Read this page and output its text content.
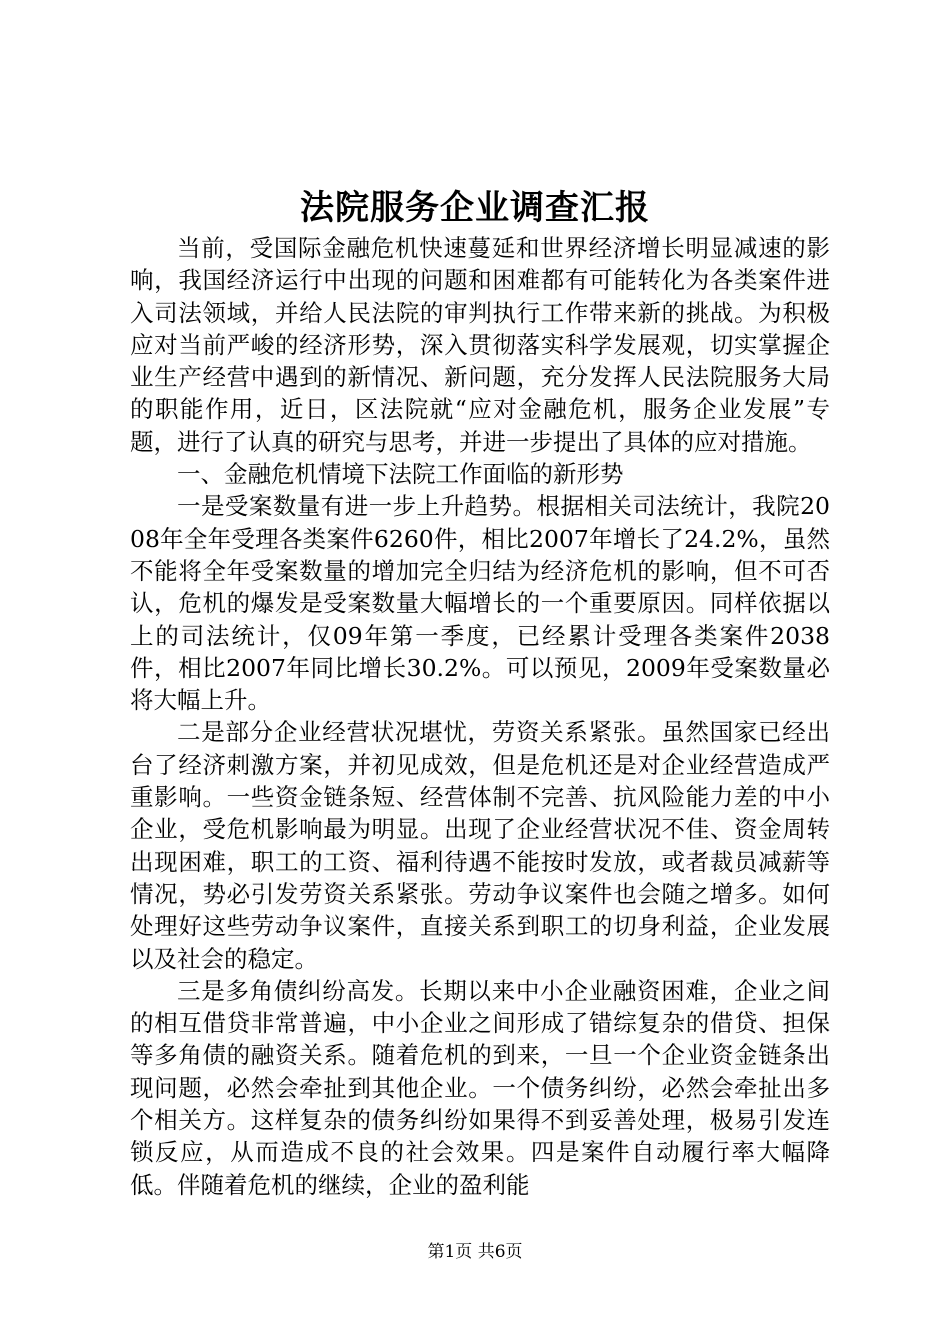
法院服务企业调查汇报

当前，受国际金融危机快速蔓延和世界经济增长明显减速的影响，我国经济运行中出现的问题和困难都有可能转化为各类案件进入司法领域，并给人民法院的审判执行工作带来新的挑战。为积极应对当前严峻的经济形势，深入贯彻落实科学发展观，切实掌握企业生产经营中遇到的新情况、新问题，充分发挥人民法院服务大局的职能作用，近日，区法院就“应对金融危机，服务企业发展”专题，进行了认真的研究与思考，并进一步提出了具体的应对措施。

一、金融危机情境下法院工作面临的新形势

一是受案数量有进一步上升趋势。根据相关司法统计，我院2008年全年受理各类案件6260件，相比2007年增长了24.2%，虽然不能将全年受案数量的增加完全归结为经济危机的影响，但不可否认，危机的爆发是受案数量大幅增长的一个重要原因。同样依据以上的司法统计，仅09年第一季度，已经累计受理各类案件2038件，相比2007年同比增长30.2%。可以预见，2009年受案数量必将大幅上升。

二是部分企业经营状况堪忧，劳资关系紧张。虽然国家已经出台了经济刺激方案，并初见成效，但是危机还是对企业经营造成严重影响。一些资金链条短、经营体制不完善、抗风险能力差的中小企业，受危机影响最为明显。出现了企业经营状况不佳、资金周转出现困难，职工的工资、福利待遇不能按时发放，或者裁员减薪等情况，势必引发劳资关系紧张。劳动争议案件也会随之增多。如何处理好这些劳动争议案件，直接关系到职工的切身利益，企业发展以及社会的稳定。

三是多角债纠纷高发。长期以来中小企业融资困难，企业之间的相互借贷非常普遍，中小企业之间形成了错综复杂的借贷、担保等多角债的融资关系。随着危机的到来，一旦一个企业资金链条出现问题，必然会牵扯到其他企业。一个债务纠纷，必然会牵扯出多个相关方。这样复杂的债务纠纷如果得不到妥善处理，极易引发连锁反应，从而造成不良的社会效果。四是案件自动履行率大幅降低。伴随着危机的继续，企业的盈利能

第1页 共6页
